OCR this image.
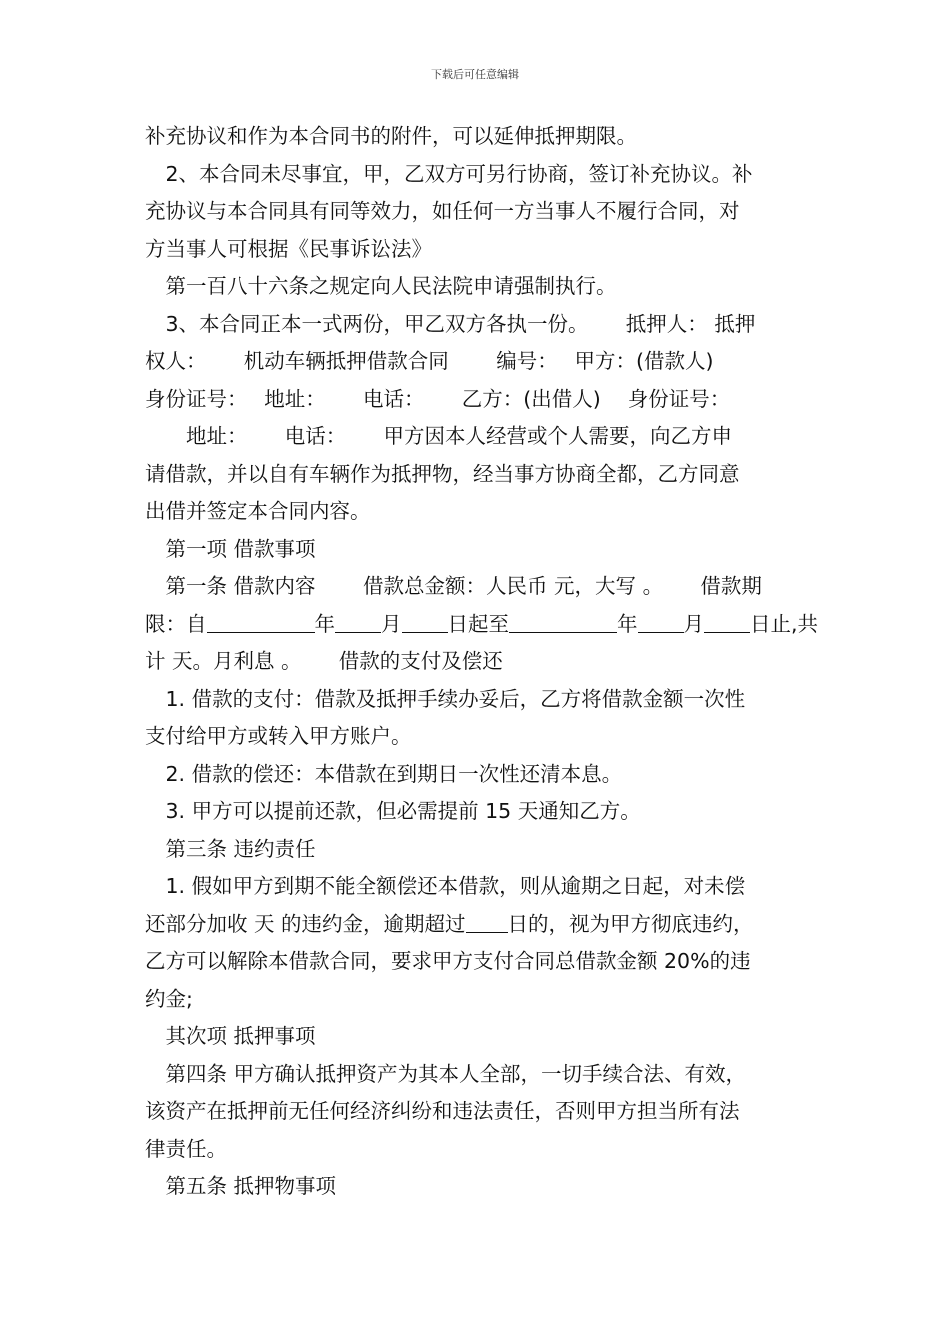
下载后可任意编辑
补充协议和作为本合同书的附件，可以延伸抵押期限。
　2、本合同未尽事宜，甲，乙双方可另行协商，签订补充协议。补
充协议与本合同具有同等效力，如任何一方当事人不履行合同，对
方当事人可根据《民事诉讼法》
　第一百八十六条之规定向人民法院申请强制执行。
　3、本合同正本一式两份，甲乙双方各执一份。　　 抵押人： 抵押
权人：　　 机动车辆抵押借款合同　　 编号：　 甲方：(借款人)
身份证号：　 地址：　　 电话：　　 乙方：(出借人)　 身份证号：
　　地址：　　 电话：　　 甲方因本人经营或个人需要，向乙方申
请借款，并以自有车辆作为抵押物，经当事方协商全都，乙方同意
出借并签定本合同内容。
　第一项 借款事项
　第一条 借款内容　　 借款总金额：人民币 元，大写 。　　 借款期
限：自	年 月 日起至	年 月 日止,共
计 天。月利息 。　　 借款的支付及偿还
　1. 借款的支付：借款及抵押手续办妥后，乙方将借款金额一次性
支付给甲方或转入甲方账户。
　2. 借款的偿还：本借款在到期日一次性还清本息。
　3. 甲方可以提前还款，但必需提前 15 天通知乙方。
　第三条 违约责任
　1. 假如甲方到期不能全额偿还本借款，则从逾期之日起，对未偿
还部分加收 天 的违约金，逾期超过 日的，视为甲方彻底违约，
乙方可以解除本借款合同，要求甲方支付合同总借款金额 20%的违
约金;
　其次项 抵押事项
　第四条 甲方确认抵押资产为其本人全部，一切手续合法、有效，
该资产在抵押前无任何经济纠纷和违法责任，否则甲方担当所有法
律责任。
　第五条 抵押物事项
